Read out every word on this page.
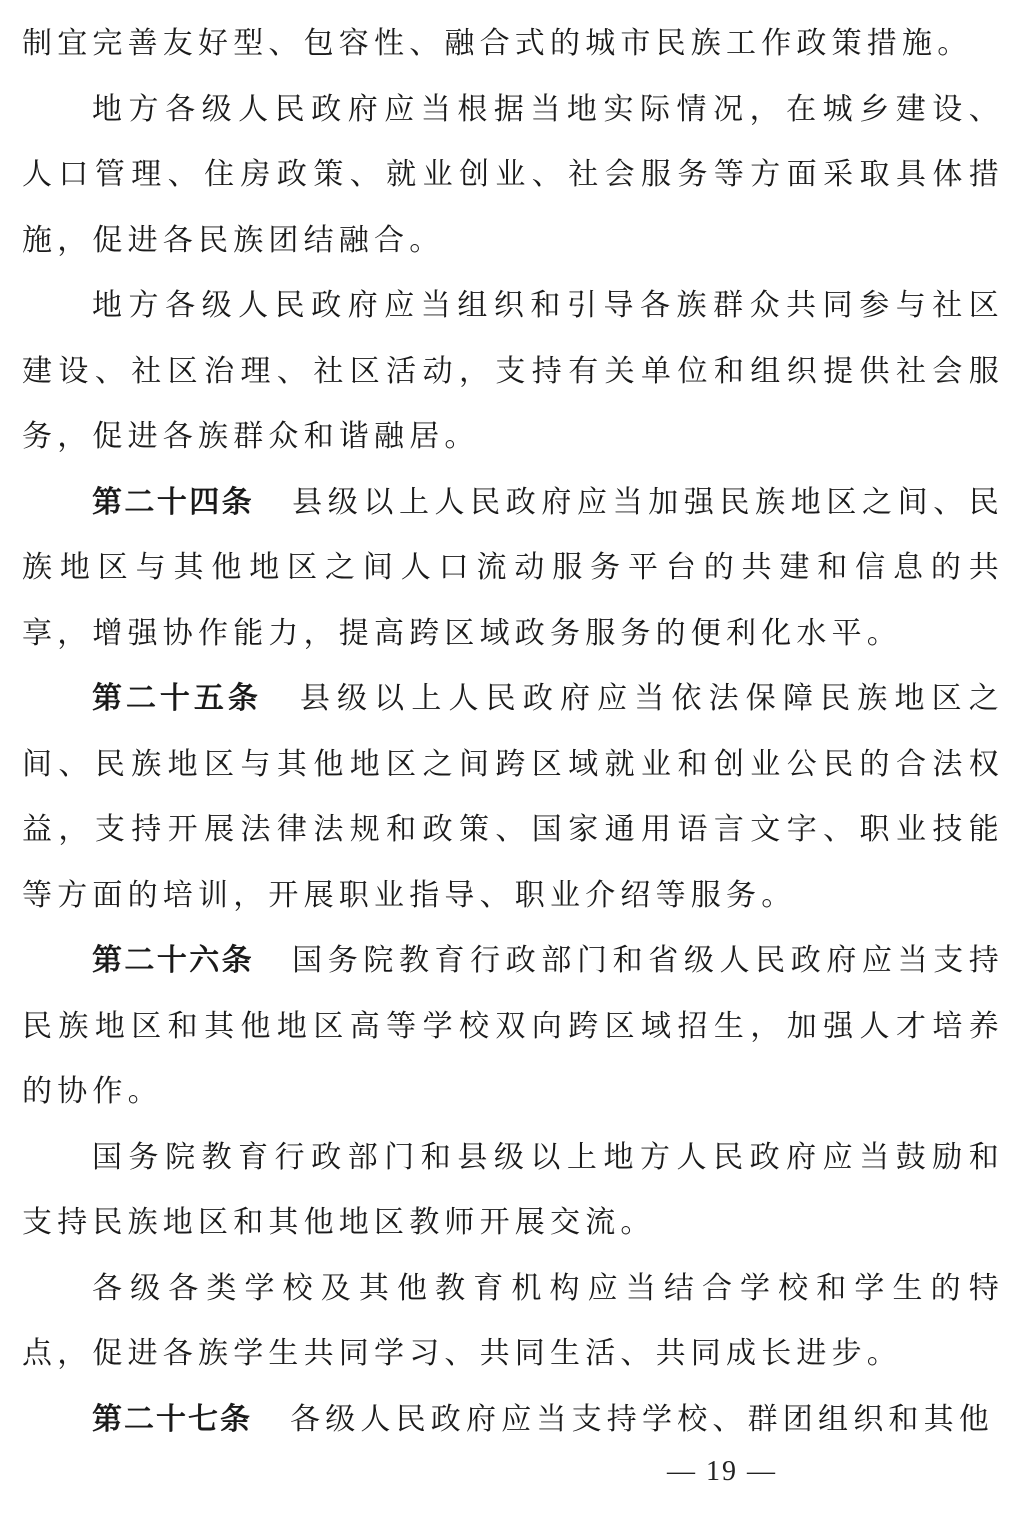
制宜完善友好型、包容性、融合式的城市民族工作政策措施。

地方各级人民政府应当根据当地实际情况，在城乡建设、人口管理、住房政策、就业创业、社会服务等方面采取具体措施，促进各民族团结融合。

地方各级人民政府应当组织和引导各族群众共同参与社区建设、社区治理、社区活动，支持有关单位和组织提供社会服务，促进各族群众和谐融居。

第二十四条 县级以上人民政府应当加强民族地区之间、民族地区与其他地区之间人口流动服务平台的共建和信息的共享，增强协作能力，提高跨区域政务服务的便利化水平。

第二十五条 县级以上人民政府应当依法保障民族地区之间、民族地区与其他地区之间跨区域就业和创业公民的合法权益，支持开展法律法规和政策、国家通用语言文字、职业技能等方面的培训，开展职业指导、职业介绍等服务。

第二十六条 国务院教育行政部门和省级人民政府应当支持民族地区和其他地区高等学校双向跨区域招生，加强人才培养的协作。

国务院教育行政部门和县级以上地方人民政府应当鼓励和支持民族地区和其他地区教师开展交流。

各级各类学校及其他教育机构应当结合学校和学生的特点，促进各族学生共同学习、共同生活、共同成长进步。

第二十七条 各级人民政府应当支持学校、群团组织和其他

— 19 —
